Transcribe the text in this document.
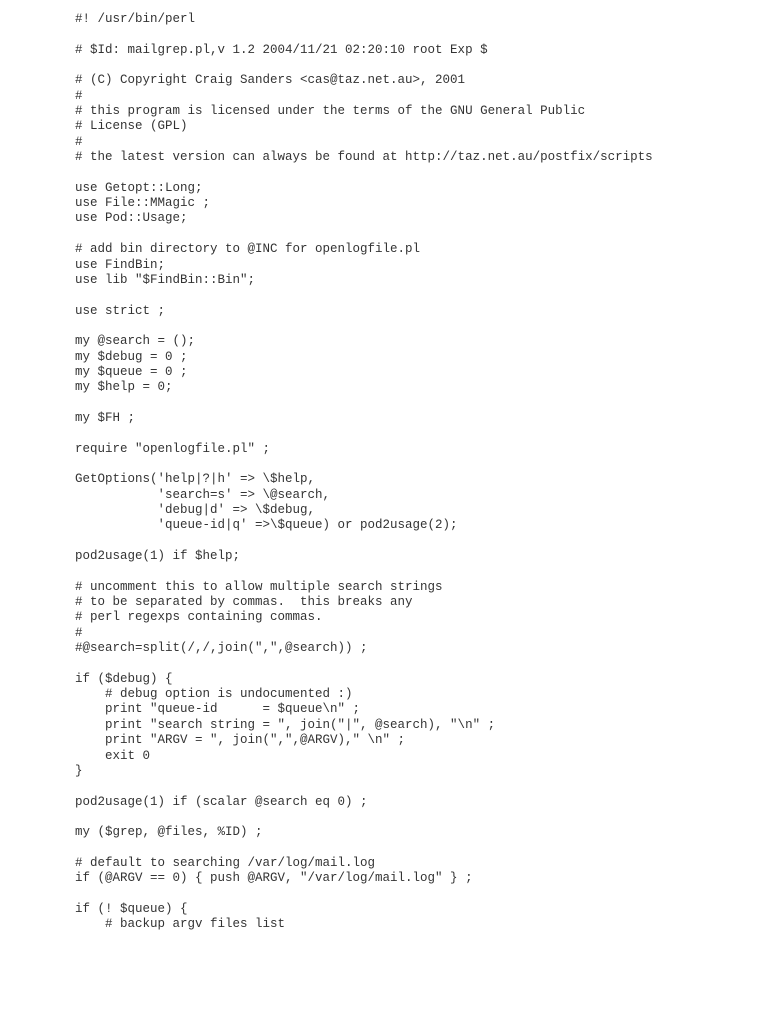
#! /usr/bin/perl
# $Id: mailgrep.pl,v 1.2 2004/11/21 02:20:10 root Exp $
# (C) Copyright Craig Sanders <cas@taz.net.au>, 2001
#
# this program is licensed under the terms of the GNU General Public
# License (GPL)
#
# the latest version can always be found at http://taz.net.au/postfix/scripts
use Getopt::Long;
use File::MMagic ;
use Pod::Usage;
# add bin directory to @INC for openlogfile.pl
use FindBin;
use lib "$FindBin::Bin";
use strict ;
my @search = ();
my $debug = 0 ;
my $queue = 0 ;
my $help = 0;
my $FH ;
require "openlogfile.pl" ;
GetOptions('help|?|h' => \$help,
'search=s' => \@search,
'debug|d' => \$debug,
'queue-id|q' =>\$queue) or pod2usage(2);
pod2usage(1) if $help;
# uncomment this to allow multiple search strings
# to be separated by commas.  this breaks any
# perl regexps containing commas.
#
#@search=split(/,/,join(",",@search)) ;
if ($debug) {
# debug option is undocumented :)
print "queue-id      = $queue\n" ;
print "search string = ", join("|", @search), "\n" ;
print "ARGV = ", join(",",@ARGV)," \n" ;
exit 0
}
pod2usage(1) if (scalar @search eq 0) ;
my ($grep, @files, %ID) ;
# default to searching /var/log/mail.log
if (@ARGV == 0) { push @ARGV, "/var/log/mail.log" } ;
if (! $queue) {
# backup argv files list
